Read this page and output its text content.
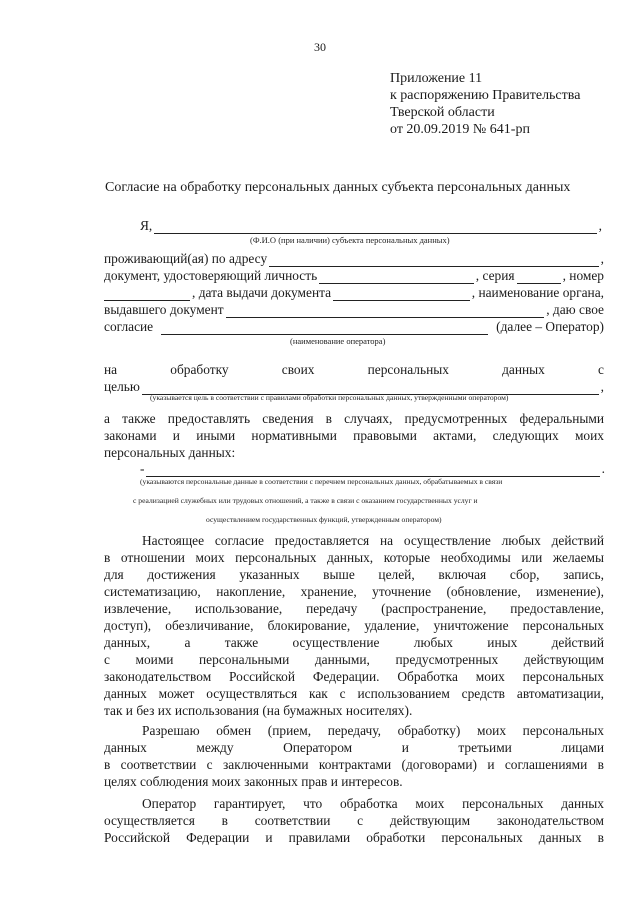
30
Приложение 11
к распоряжению Правительства
Тверской области
от 20.09.2019 № 641-рп
Согласие на обработку персональных данных субъекта персональных данных
Я,	,
(Ф.И.О (при наличии) субъекта персональных данных)
проживающий(ая) по адресу	,
документ, удостоверяющий личность	, серия	, номер
, дата выдачи документа	, наименование органа,
выдавшего документ	, даю свое
согласие	(далее – Оператор)
(наименование оператора)
на	обработку	своих	персональных	данных	с
целью	,
(указывается цель в соответствии с правилами обработки персональных данных, утвержденными оператором)
а также предоставлять сведения в случаях, предусмотренных федеральными
законами и иными нормативными правовыми актами, следующих моих
персональных данных:
-	.
(указываются персональные данные в соответствии с перечнем персональных данных, обрабатываемых в связи
с реализацией служебных или трудовых отношений, а также в связи с оказанием государственных услуг и
осуществлением государственных функций, утвержденным оператором)
Настоящее согласие предоставляется на осуществление любых действий
в отношении моих персональных данных, которые необходимы или желаемы
для достижения указанных выше целей, включая сбор, запись,
систематизацию, накопление, хранение, уточнение (обновление, изменение),
извлечение, использование, передачу (распространение, предоставление,
доступ), обезличивание, блокирование, удаление, уничтожение персональных
данных, а также осуществление любых иных действий
с моими персональными данными, предусмотренных действующим
законодательством Российской Федерации. Обработка моих персональных
данных может осуществляться как с использованием средств автоматизации,
так и без их использования (на бумажных носителях).
Разрешаю обмен (прием, передачу, обработку) моих персональных
данных между Оператором и третьими лицами
в соответствии с заключенными контрактами (договорами) и соглашениями в
целях соблюдения моих законных прав и интересов.
Оператор гарантирует, что обработка моих персональных данных
осуществляется в соответствии с действующим законодательством
Российской Федерации и правилами обработки персональных данных в
